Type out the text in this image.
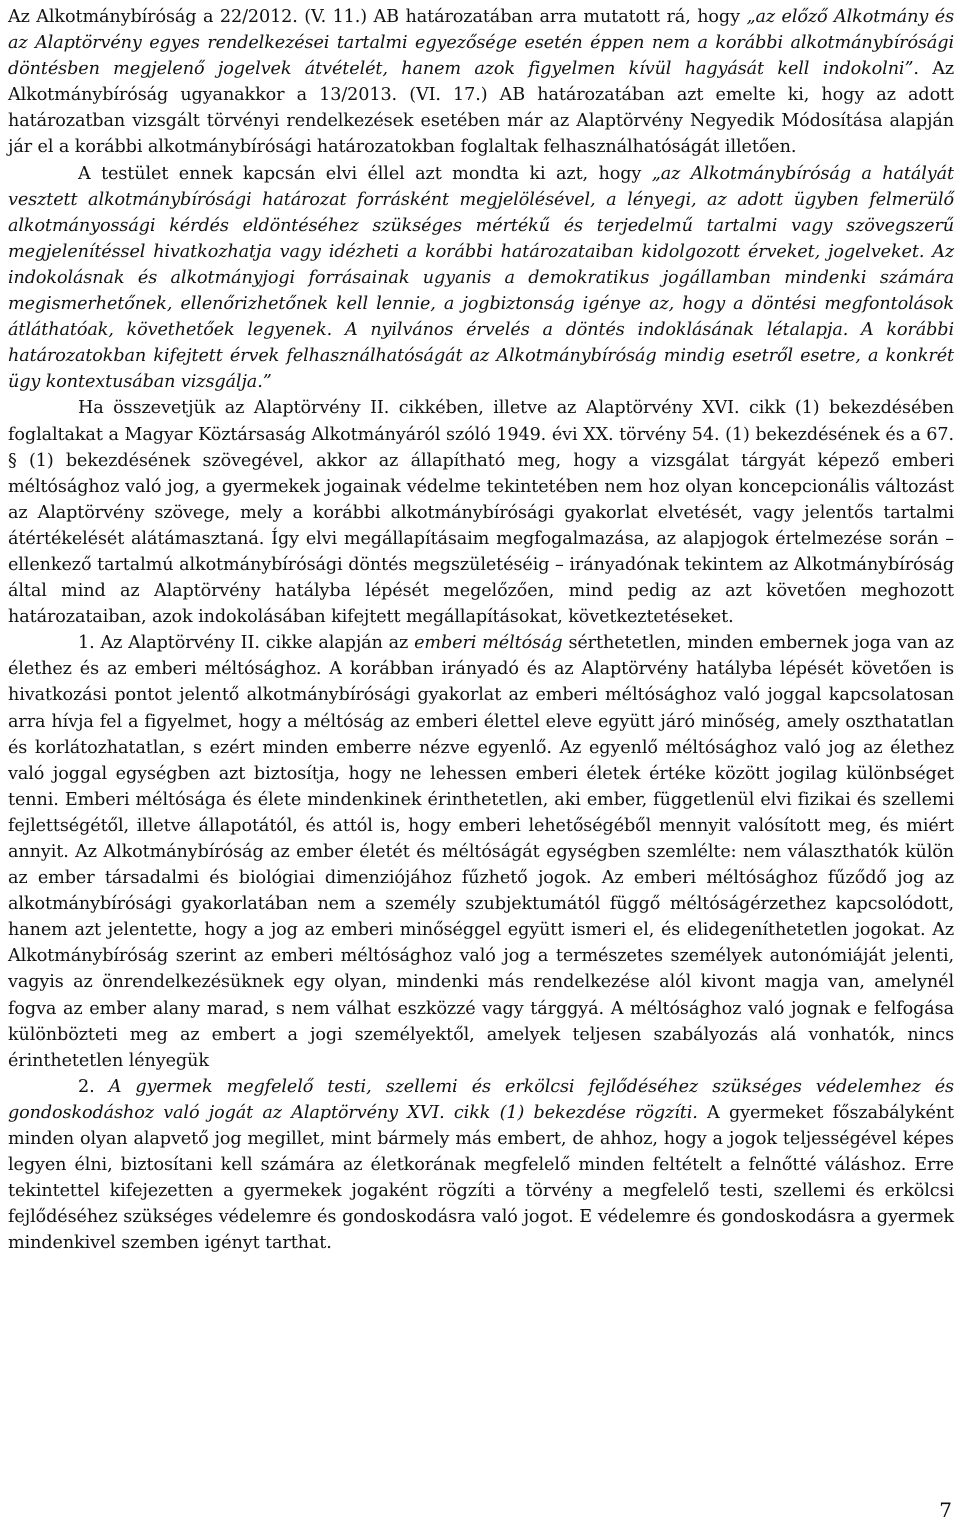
Az Alkotmánybíróság a 22/2012. (V. 11.) AB határozatában arra mutatott rá, hogy „az előző Alkotmány és az Alaptörvény egyes rendelkezései tartalmi egyezősége esetén éppen nem a korábbi alkotmánybírósági döntésben megjelenő jogelvek átvételét, hanem azok figyelmen kívül hagyását kell indokolni”. Az Alkotmánybíróság ugyanakkor a 13/2013. (VI. 17.) AB határozatában azt emelte ki, hogy az adott határozatban vizsgált törvényi rendelkezések esetében már az Alaptörvény Negyedik Módosítása alapján jár el a korábbi alkotmánybírósági határozatokban foglaltak felhasználhatóságát illetően.

A testület ennek kapcsán elvi éllel azt mondta ki azt, hogy „az Alkotmánybíróság a hatályát vesztett alkotmánybírósági határozat forrásként megjelölésével, a lényegi, az adott ügyben felmerülő alkotmányossági kérdés eldöntéséhez szükséges mértékű és terjedelmű tartalmi vagy szövegszerű megjelenítéssel hivatkozhatja vagy idézheti a korábbi határozataiban kidolgozott érveket, jogelveket. Az indokolásnak és alkotmányjogi forrásainak ugyanis a demokratikus jogállamban mindenki számára megismerhetőnek, ellenőrizhetőnek kell lennie, a jogbiztonság igénye az, hogy a döntési megfontolások átláthatóak, követhetőek legyenek. A nyilvános érvelés a döntés indoklásának létalapja. A korábbi határozatokban kifejtett érvek felhasználhatóságát az Alkotmánybíróság mindig esetről esetre, a konkrét ügy kontextusában vizsgálja.”

Ha összevetjük az Alaptörvény II. cikkében, illetve az Alaptörvény XVI. cikk (1) bekezdésében foglaltakat a Magyar Köztársaság Alkotmányáról szóló 1949. évi XX. törvény 54. (1) bekezdésének és a 67. § (1) bekezdésének szövegével, akkor az állapítható meg, hogy a vizsgálat tárgyát képező emberi méltósághoz való jog, a gyermekek jogainak védelme tekintetében nem hoz olyan koncepcionális változást az Alaptörvény szövege, mely a korábbi alkotmánybírósági gyakorlat elvetését, vagy jelentős tartalmi átértékelését alátámasztaná. Így elvi megállapításaim megfogalmazása, az alapjogok értelmezése során – ellenkező tartalmú alkotmánybírósági döntés megszületéséig – irányadónak tekintem az Alkotmánybíróság által mind az Alaptörvény hatályba lépését megelőzően, mind pedig az azt követően meghozott határozataiban, azok indokolásában kifejtett megállapításokat, következtetéseket.

1. Az Alaptörvény II. cikke alapján az emberi méltóság sérthetetlen, minden embernek joga van az élethez és az emberi méltósághoz. A korábban irányadó és az Alaptörvény hatályba lépését követően is hivatkozási pontot jelentő alkotmánybírósági gyakorlat az emberi méltósághoz való joggal kapcsolatosan arra hívja fel a figyelmet, hogy a méltóság az emberi élettel eleve együtt járó minőség, amely oszthatatlan és korlátozhatatlan, s ezért minden emberre nézve egyenlő. Az egyenlő méltósághoz való jog az élethez való joggal egységben azt biztosítja, hogy ne lehessen emberi életek értéke között jogilag különbséget tenni. Emberi méltósága és élete mindenkinek érinthetetlen, aki ember, függetlenül elvi fizikai és szellemi fejlettségétől, illetve állapotától, és attól is, hogy emberi lehetőségéből mennyit valósított meg, és miért annyit. Az Alkotmánybíróság az ember életét és méltóságát egységben szemlélte: nem választhatók külön az ember társadalmi és biológiai dimenziójához fűzhető jogok. Az emberi méltósághoz fűződő jog az alkotmánybírósági gyakorlatában nem a személy szubjektumától függő méltóságérzethez kapcsolódott, hanem azt jelentette, hogy a jog az emberi minőséggel együtt ismeri el, és elidegeníthetetlen jogokat. Az Alkotmánybíróság szerint az emberi méltósághoz való jog a természetes személyek autonómiáját jelenti, vagyis az önrendelkezésüknek egy olyan, mindenki más rendelkezése alól kivont magja van, amelynél fogva az ember alany marad, s nem válhat eszközzé vagy tárggyá. A méltósághoz való jognak e felfogása különbözteti meg az embert a jogi személyektől, amelyek teljesen szabályozás alá vonhatók, nincs érinthetetlen lényegük

2. A gyermek megfelelő testi, szellemi és erkölcsi fejlődéséhez szükséges védelemhez és gondoskodáshoz való jogát az Alaptörvény XVI. cikk (1) bekezdése rögzíti. A gyermeket főszabályként minden olyan alapvető jog megillet, mint bármely más embert, de ahhoz, hogy a jogok teljességével képes legyen élni, biztosítani kell számára az életkorának megfelelő minden feltételt a felnőtté váláshoz. Erre tekintettel kifejezetten a gyermekek jogaként rögzíti a törvény a megfelelő testi, szellemi és erkölcsi fejlődéséhez szükséges védelemre és gondoskodásra való jogot. E védelemre és gondoskodásra a gyermek mindenkivel szemben igényt tarthat.

7
